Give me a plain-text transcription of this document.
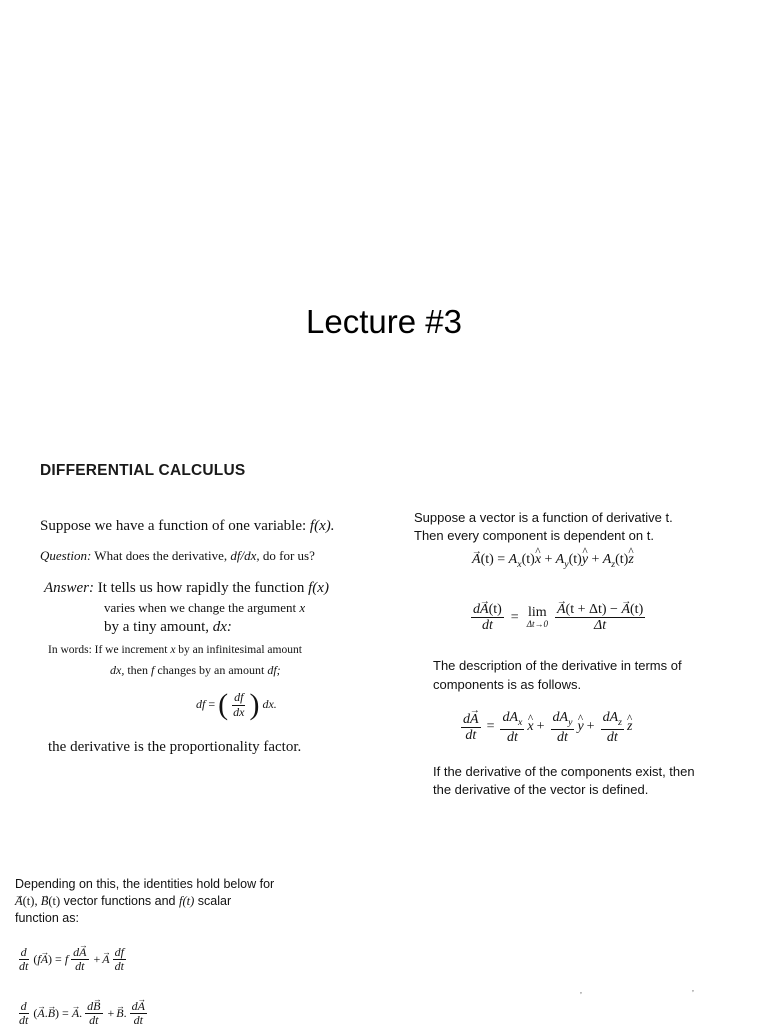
Lecture #3
DIFFERENTIAL CALCULUS
Suppose we have a function of one variable: f(x).
Question: What does the derivative, df/dx, do for us?
Answer: It tells us how rapidly the function f(x)
varies when we change the argument x
by a tiny amount, dx:
In words: If we increment x by an infinitesimal amount
dx, then f changes by an amount df;
df = ( $\frac{df}{dx}$ ) dx.
the derivative is the proportionality factor.
Suppose a vector is a function of derivative t.
Then every component is dependent on t.
→ $A(t) = A_x(t)\^{}$ $x + A_y(t)\^{}$ $y + A_z(t)\^{}$ z
$\frac{d\to A(t)}{dt} = \lim$
Δt→0
→ $\frac{A(t + \Delta t) - \to A(t)}{\Delta t}$
The description of the derivative in terms of
components is as follows.
$\frac{d\to A}{dt} = \frac{dA_x}{dt}$
^ $x + \frac{dA_y}{dt}$
^ $y + \frac{dA_z}{dt}$
^ z
If the derivative of the components exist, then
the derivative of the vector is defined.
Depending on this, the identities hold below for
→ A(t), → B(t) vector functions and f(t) scalar
function as:
$\frac{d}{dt}$ ( f
→ A ) = f $\frac{d\to A}{dt}$ +
→ A $\frac{df}{dt}$
$\frac{d}{dt}$ (
→ A .
→ B ) =
→ A . $\frac{d\to B}{dt}$ +
→ B . $\frac{d\to A}{dt}$
,	,
